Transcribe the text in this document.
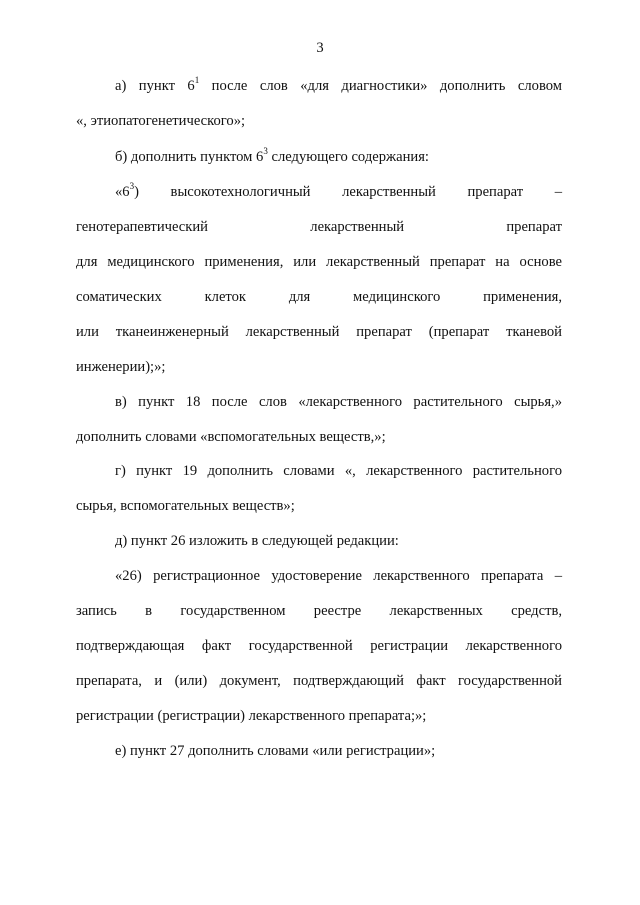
3
а) пункт $6^1$ после слов «для диагностики» дополнить словом
«, этиопатогенетического»;
б) дополнить пунктом $6^3$ следующего содержания:
«$6^3$) высокотехнологичный лекарственный препарат –
генотерапевтический лекарственный препарат
для медицинского применения, или лекарственный препарат на основе
соматических клеток для медицинского применения,
или тканеинженерный лекарственный препарат (препарат тканевой
инженерии);»;
в) пункт 18 после слов «лекарственного растительного сырья,»
дополнить словами «вспомогательных веществ,»;
г) пункт 19 дополнить словами «, лекарственного растительного
сырья, вспомогательных веществ»;
д) пункт 26 изложить в следующей редакции:
«26) регистрационное удостоверение лекарственного препарата –
запись в государственном реестре лекарственных средств,
подтверждающая факт государственной регистрации лекарственного
препарата, и (или) документ, подтверждающий факт государственной
регистрации (регистрации) лекарственного препарата;»;
е) пункт 27 дополнить словами «или регистрации»;
